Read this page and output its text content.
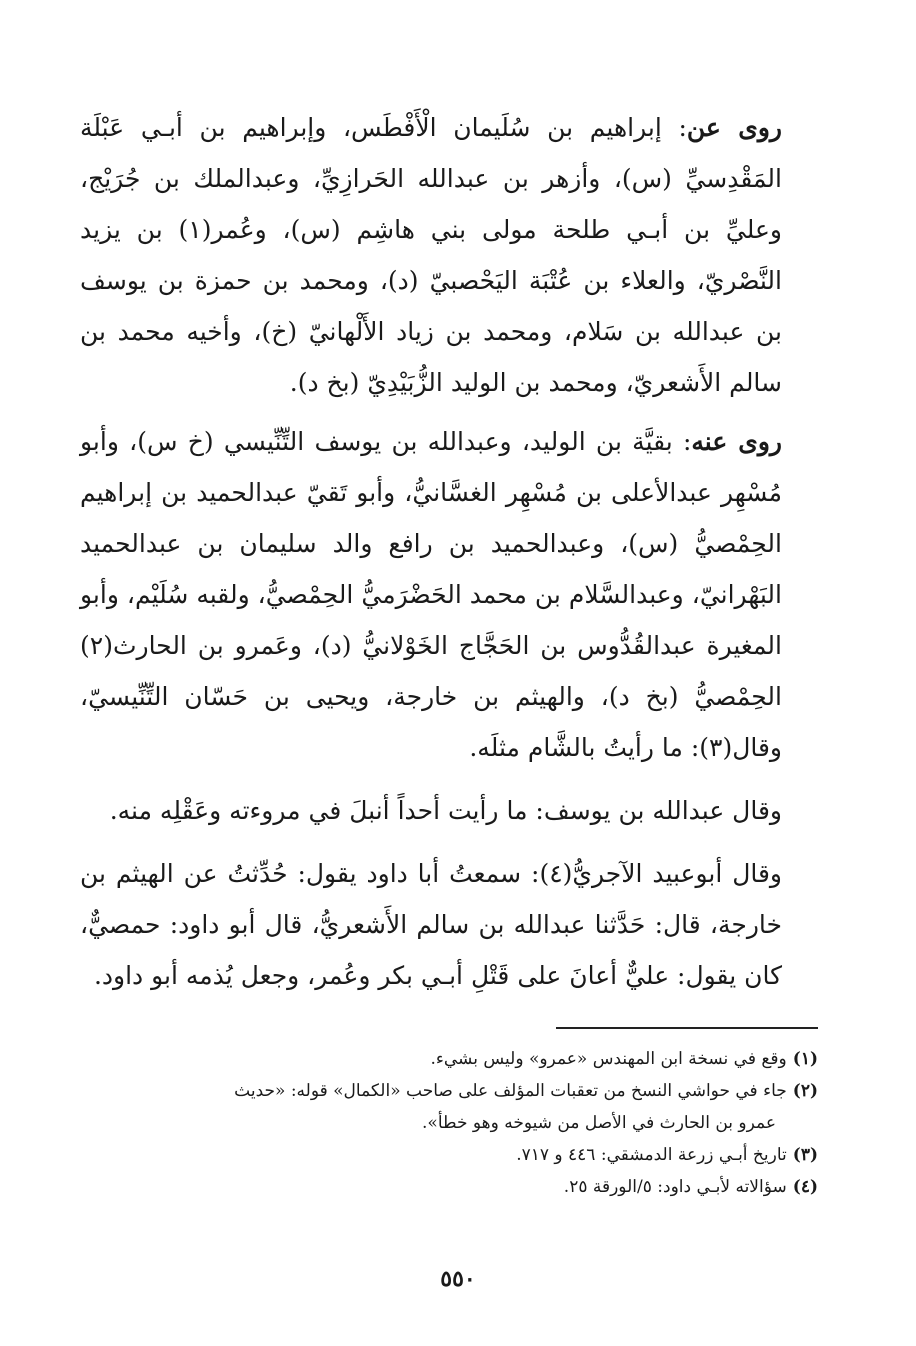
روى عن: إبراهيم بن سُلَيمان الْأَفْطَس، وإبراهيم بن أبـي عَبْلَة المَقْدِسيِّ (س)، وأزهر بن عبدالله الحَرازِيِّ، وعبدالملك بن جُرَيْج، وعليِّ بن أبـي طلحة مولى بني هاشِم (س)، وعُمر(١) بن يزيد النَّصْريّ، والعلاء بن عُتْبَة اليَحْصبيّ (د)، ومحمد بن حمزة بن يوسف بن عبدالله بن سَلام، ومحمد بن زياد الأَلْهانيّ (خ)، وأخيه محمد بن سالم الأَشعريّ، ومحمد بن الوليد الزُّبَيْدِيّ (بخ د).

روى عنه: بقيَّة بن الوليد، وعبدالله بن يوسف التِّنِّيسي (خ س)، وأبو مُسْهِر عبدالأعلى بن مُسْهِر الغسَّانيُّ، وأبو تَقيّ عبدالحميد بن إبراهيم الحِمْصيُّ (س)، وعبدالحميد بن رافع والد سليمان بن عبدالحميد البَهْرانيّ، وعبدالسَّلام بن محمد الحَضْرَميُّ الحِمْصيُّ، ولقبه سُلَيْم، وأبو المغيرة عبدالقُدُّوس بن الحَجَّاج الخَوْلانيُّ (د)، وعَمرو بن الحارث(٢) الحِمْصيُّ (بخ د)، والهيثم بن خارجة، ويحيى بن حَسّان التِّنِّيسيّ، وقال(٣): ما رأيتُ بالشَّام مثلَه.

وقال عبدالله بن يوسف: ما رأيت أحداً أنبلَ في مروءته وعَقْلِه منه.

وقال أبوعبيد الآجريُّ(٤): سمعتُ أبا داود يقول: حُدِّثتُ عن الهيثم بن خارجة، قال: حَدَّثنا عبدالله بن سالم الأَشعريُّ، قال أبو داود: حمصيٌّ، كان يقول: عليٌّ أعانَ على قَتْلِ أبـي بكر وعُمر، وجعل يُذمه أبو داود.

(١)وقع في نسخة ابن المهندس «عمرو» وليس بشيء.

(٢)جاء في حواشي النسخ من تعقبات المؤلف على صاحب «الكمال» قوله: «حديث

عمرو بن الحارث في الأصل من شيوخه وهو خطأ».

(٣)تاريخ أبـي زرعة الدمشقي: ٤٤٦ و ٧١٧.

(٤)سؤالاته لأبـي داود: ٥/الورقة ٢٥.

٥٥٠
